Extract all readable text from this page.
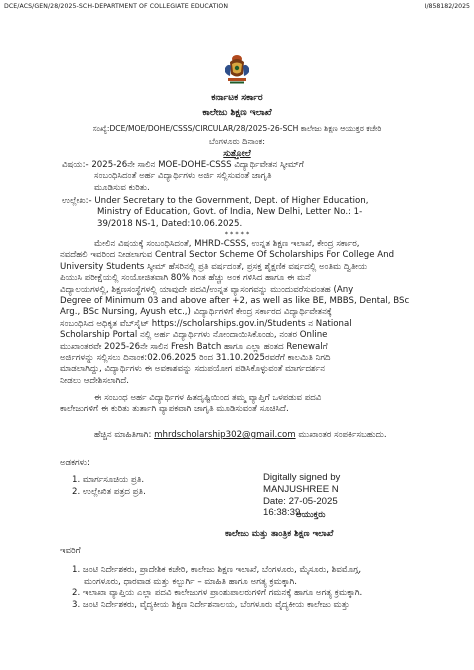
DCE/ACS/GEN/28/2025-SCH-DEPARTMENT OF COLLEGIATE EDUCATION	I/858182/2025
ಕರ್ನಾಟಕ ಸರ್ಕಾರ
ಕಾಲೇಜು ಶಿಕ್ಷಣ ಇಲಾಖೆ
ಸಂಖ್ಯೆ:DCE/MOE/DOHE/CSSS/CIRCULAR/28/2025-26-SCH ಕಾಲೇಜು ಶಿಕ್ಷಣ ಆಯುಕ್ತರ ಕಚೇರಿ
ಬೆಂಗಳೂರು ದಿನಾಂಕ:
ಸುತ್ತೋಲೆ
ವಿಷಯ:- 2025-26ನೇ ಸಾಲಿನ MOE-DOHE-CSSS ವಿದ್ಯಾರ್ಥಿವೇತನ ಸ್ಕೀಮ್‌ಗೆ
ಸಂಬಂಧಿಸಿದಂತೆ ಅರ್ಹ ವಿದ್ಯಾರ್ಥಿಗಳು ಅರ್ಜಿ ಸಲ್ಲಿಸುವಂತೆ ಜಾಗೃತಿ
ಮೂಡಿಸುವ ಕುರಿತು.
ಉಲ್ಲೇಖ:- Under Secretary to the Government, Dept. of Higher Education,
Ministry of Education, Govt. of India, New Delhi, Letter No.: 1-
39/2018 NS-1, Dated:10.06.2025.
* * * * *
ಮೇಲಿನ ವಿಷಯಕ್ಕೆ ಸಂಬಂಧಿಸಿದಂತೆ, MHRD-CSSS, ಉನ್ನತ ಶಿಕ್ಷಣ ಇಲಾಖೆ, ಕೇಂದ್ರ ಸರ್ಕಾರ,
ನವದೆಹಲಿ ಇವರಿಂದ ನೀಡಲಾಗುವ Central Sector Scheme Of Scholarships For College And
University Students ಸ್ಕೀಮ್ ಹೆಸರಿನಲ್ಲಿ ಪ್ರತಿ ವರ್ಷದಂತೆ, ಪ್ರಸಕ್ತ ಶೈಕ್ಷಣಿಕ ವರ್ಷದಲ್ಲಿ ಅಂತಿಮ ದ್ವಿತೀಯ
ಪಿಯುಸಿ ಪರೀಕ್ಷೆಯಲ್ಲಿ ಸಂಯೋಜಿತವಾಗಿ 80% ಗಿಂತ ಹೆಚ್ಚು ಅಂಕ ಗಳಿಸಿದ ಹಾಗೂ ಈ ಮನೆ
ವಿದ್ಯಾಲಯಗಳಲ್ಲಿ, ಶಿಕ್ಷಣಸಂಸ್ಥೆಗಳಲ್ಲಿ ಯಾವುದೇ ಪದವಿ/ಉನ್ನತ ವ್ಯಾಸಂಗವನ್ನು ಮುಂದುವರೆಸುವಂತಹ (Any
Degree of Minimum 03 and above after +2, as well as like BE, MBBS, Dental, BSc
Arg., BSc Nursing, Ayush etc.,) ವಿದ್ಯಾರ್ಥಿಗಳಿಗೆ ಕೇಂದ್ರ ಸರ್ಕಾರದ ವಿದ್ಯಾರ್ಥಿವೇತನಕ್ಕೆ
ಸಂಬಂಧಿಸಿದ ಅಧಿಕೃತ ವೆಬ್‌ಸೈಟ್ https://scholarships.gov.in/Students ನ National
Scholarship Portal ನಲ್ಲಿ ಅರ್ಹ ವಿದ್ಯಾರ್ಥಿಗಳು ನೋಂದಾಯಿಸಿಕೊಂಡು, ನಂತರ Online
ಮುಖಾಂತರವೇ 2025-26ನೇ ಸಾಲಿನ Fresh Batch ಹಾಗೂ ಎಲ್ಲಾ ಹಂತದ Renewalಗೆ
ಅರ್ಜಿಗಳನ್ನು ಸಲ್ಲಿಸಲು ದಿನಾಂಕ:02.06.2025 ರಿಂದ 31.10.2025ರವರೆಗೆ ಕಾಲಮಿತಿ ನಿಗದಿ
ಮಾಡಲಾಗಿದ್ದು, ವಿದ್ಯಾರ್ಥಿಗಳು ಈ ಅವಕಾಶವನ್ನು ಸದುಪಯೋಗ ಪಡಿಸಿಕೊಳ್ಳುವಂತೆ ಮಾರ್ಗದರ್ಶನ
ನೀಡಲು ಆದೇಶಿಸಲಾಗಿದೆ.
ಈ ಸಂಬಂಧ ಅರ್ಹ ವಿದ್ಯಾರ್ಥಿಗಳ ಹಿತದೃಷ್ಟಿಯಿಂದ ತಮ್ಮ ವ್ಯಾಪ್ತಿಗೆ ಒಳಪಡುವ ಪದವಿ
ಕಾಲೇಜುಗಳಿಗೆ ಈ ಕುರಿತು ತುರ್ತಾಗಿ ವ್ಯಾಪಕವಾಗಿ ಜಾಗೃತಿ ಮೂಡಿಸುವಂತೆ ಸೂಚಿಸಿದೆ.
ಹೆಚ್ಚಿನ ಮಾಹಿತಿಗಾಗಿ: mhrdscholarship302@gmail.com ಮುಖಾಂತರ ಸಂಪರ್ಕಿಸಬಹುದು.
ಅಡಕಗಳು:
1. ಮಾರ್ಗಸೂಚಿಯ ಪ್ರತಿ.
2. ಉಲ್ಲೇಖಿತ ಪತ್ರದ ಪ್ರತಿ.
Digitally signed by
MANJUSHREE N
Date: 27-05-2025
16:38:39
ಆಯುಕ್ತರು
ಕಾಲೇಜು ಮತ್ತು ತಾಂತ್ರಿಕ ಶಿಕ್ಷಣ ಇಲಾಖೆ
ಇವರಿಗೆ
1. ಜಂಟಿ ನಿರ್ದೇಶಕರು, ಪ್ರಾದೇಶಿಕ ಕಚೇರಿ, ಕಾಲೇಜು ಶಿಕ್ಷಣ ಇಲಾಖೆ, ಬೆಂಗಳೂರು, ಮೈಸೂರು, ಶಿವಮೊಗ್ಗ,
ಮಂಗಳೂರು, ಧಾರವಾಡ ಮತ್ತು ಕಲ್ಬುರ್ಗಿ – ಮಾಹಿತಿ ಹಾಗೂ ಅಗತ್ಯ ಕ್ರಮಕ್ಕಾಗಿ.
2. ಇಲಾಖಾ ವ್ಯಾಪ್ತಿಯ ಎಲ್ಲಾ ಪದವಿ ಕಾಲೇಜುಗಳ ಪ್ರಾಂಶುಪಾಲರುಗಳಿಗೆ ಗಮನಕ್ಕೆ ಹಾಗೂ ಅಗತ್ಯ ಕ್ರಮಕ್ಕಾಗಿ.
3. ಜಂಟಿ ನಿರ್ದೇಶಕರು, ವೈದ್ಯಕೀಯ ಶಿಕ್ಷಣ ನಿರ್ದೇಶನಾಲಯ, ಬೆಂಗಳೂರು ವೈದ್ಯಕೀಯ ಕಾಲೇಜು ಮತ್ತು
